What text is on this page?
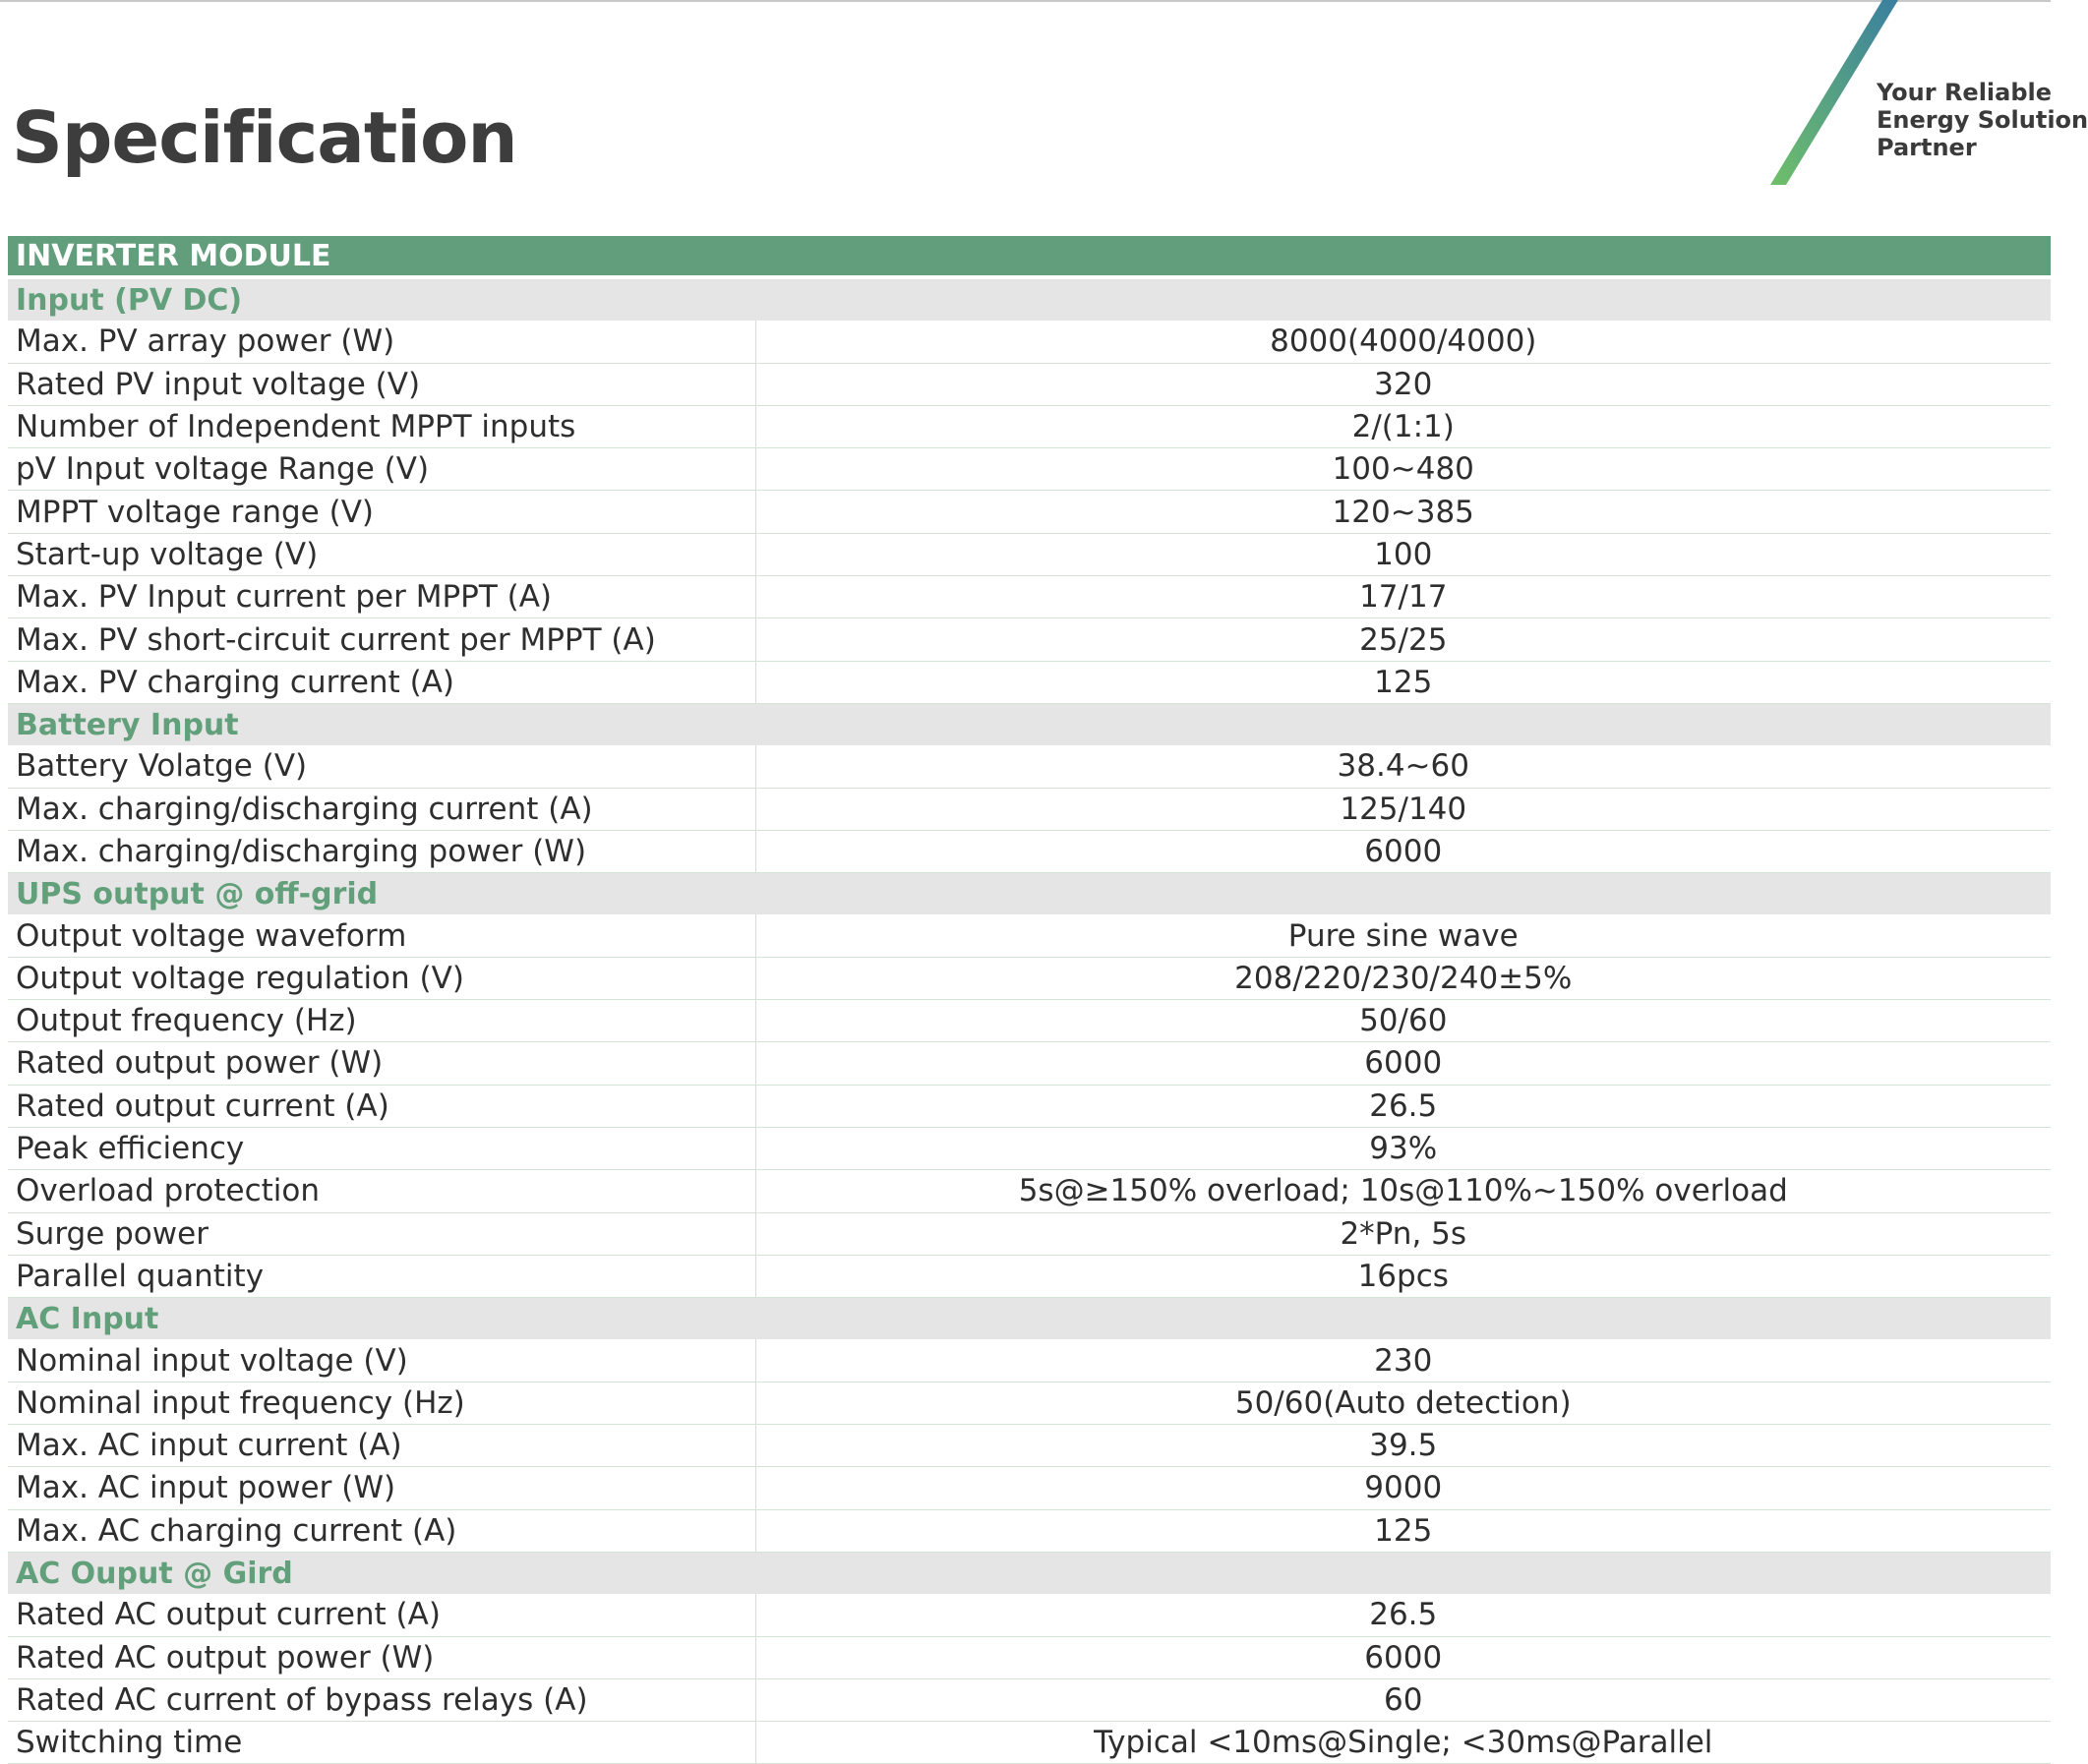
Specification

Your Reliable
Energy Solution
Partner

INVERTER MODULE	
Input (PV DC)	
Max. PV array power (W)	8000(4000/4000)
Rated PV input voltage (V)	320
Number of Independent MPPT inputs	2/(1:1)
pV Input voltage Range (V)	100~480
MPPT voltage range (V)	120~385
Start-up voltage (V)	100
Max. PV Input current per MPPT (A)	17/17
Max. PV short-circuit current per MPPT (A)	25/25
Max. PV charging current (A)	125
Battery Input	
Battery Volatge (V)	38.4~60
Max. charging/discharging current (A)	125/140
Max. charging/discharging power (W)	6000
UPS output @ off-grid	
Output voltage waveform	Pure sine wave
Output voltage regulation (V)	208/220/230/240±5%
Output frequency (Hz)	50/60
Rated output power (W)	6000
Rated output current (A)	26.5
Peak efficiency	93%
Overload protection	5s@≥150% overload; 10s@110%~150% overload
Surge power	2*Pn, 5s
Parallel quantity	16pcs
AC Input	
Nominal input voltage (V)	230
Nominal input frequency (Hz)	50/60(Auto detection)
Max. AC input current (A)	39.5
Max. AC input power (W)	9000
Max. AC charging current (A)	125
AC Ouput @ Gird	
Rated AC output current (A)	26.5
Rated AC output power (W)	6000
Rated AC current of bypass relays (A)	60
Switching time	Typical <10ms@Single; <30ms@Parallel
